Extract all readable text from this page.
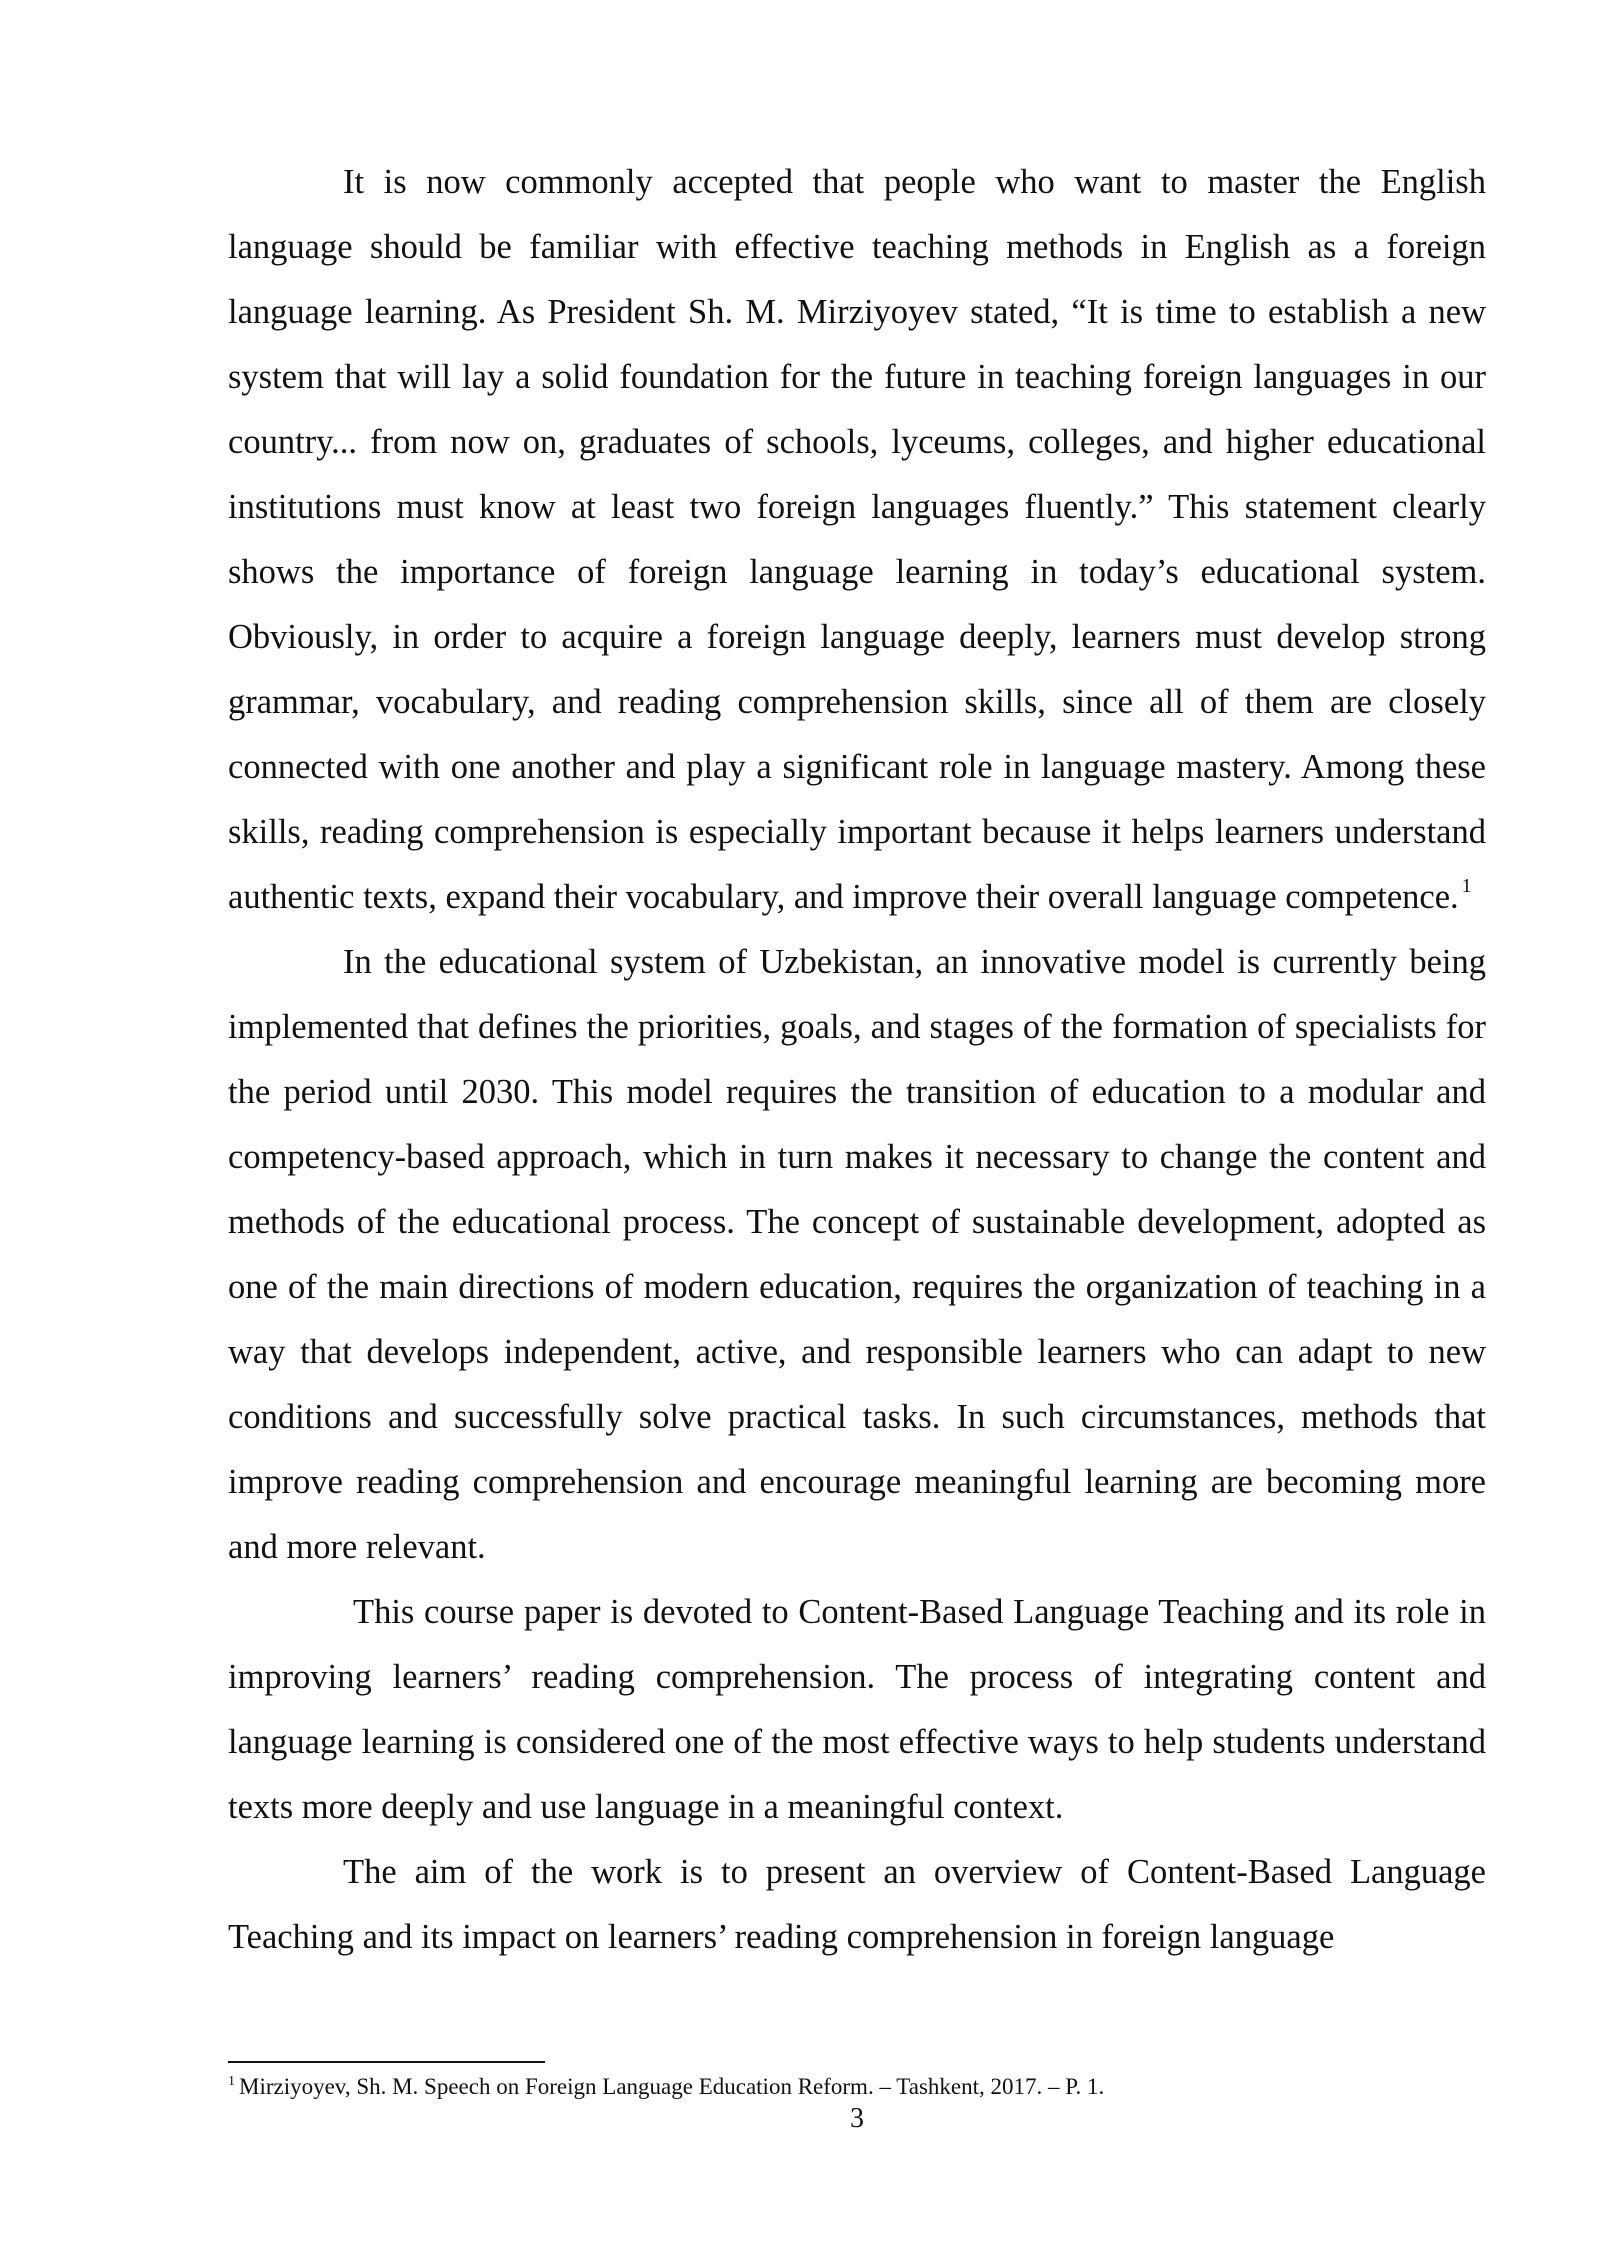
It is now commonly accepted that people who want to master the English language should be familiar with effective teaching methods in English as a foreign language learning. As President Sh. M. Mirziyoyev stated, “It is time to establish a new system that will lay a solid foundation for the future in teaching foreign languages in our country... from now on, graduates of schools, lyceums, colleges, and higher educational institutions must know at least two foreign languages fluently.” This statement clearly shows the importance of foreign language learning in today’s educational system. Obviously, in order to acquire a foreign language deeply, learners must develop strong grammar, vocabulary, and reading comprehension skills, since all of them are closely connected with one another and play a significant role in language mastery. Among these skills, reading comprehension is especially important because it helps learners understand authentic texts, expand their vocabulary, and improve their overall language competence. $^1$

In the educational system of Uzbekistan, an innovative model is currently being implemented that defines the priorities, goals, and stages of the formation of specialists for the period until 2030. This model requires the transition of education to a modular and competency-based approach, which in turn makes it necessary to change the content and methods of the educational process. The concept of sustainable development, adopted as one of the main directions of modern education, requires the organization of teaching in a way that develops independent, active, and responsible learners who can adapt to new conditions and successfully solve practical tasks. In such circumstances, methods that improve reading comprehension and encourage meaningful learning are becoming more and more relevant.

This course paper is devoted to Content-Based Language Teaching and its role in improving learners’ reading comprehension. The process of integrating content and language learning is considered one of the most effective ways to help students understand texts more deeply and use language in a meaningful context.

The aim of the work is to present an overview of Content-Based Language Teaching and its impact on learners’ reading comprehension in foreign language

$^1$ Mirziyoyev, Sh. M. Speech on Foreign Language Education Reform. – Tashkent, 2017. – P. 1.
3
